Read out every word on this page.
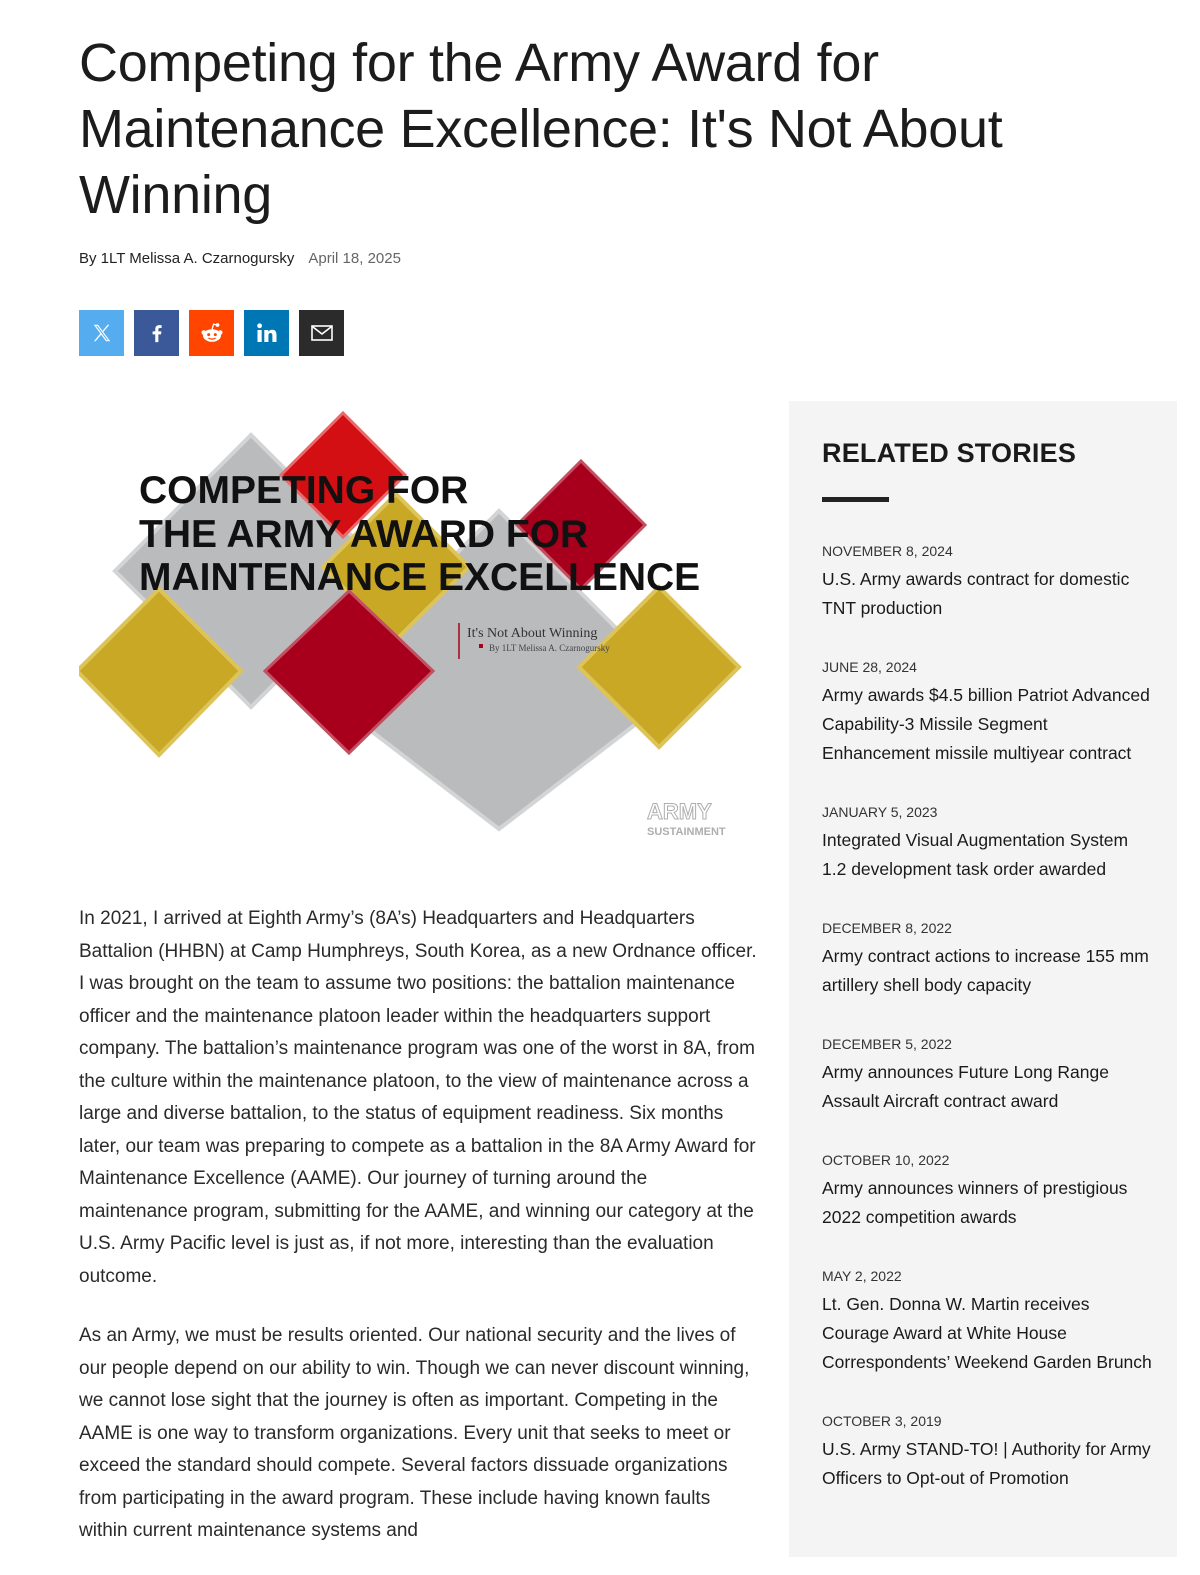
Competing for the Army Award for Maintenance Excellence: It's Not About Winning
By 1LT Melissa A. Czarnogursky April 18, 2025
COMPETING FOR
THE ARMY AWARD FOR
MAINTENANCE EXCELLENCE
It's Not About Winning
By 1LT Melissa A. Czarnogursky
ARMY
SUSTAINMENT

In 2021, I arrived at Eighth Army’s (8A’s) Headquarters and Headquarters Battalion (HHBN) at Camp Humphreys, South Korea, as a new Ordnance officer. I was brought on the team to assume two positions: the battalion maintenance officer and the maintenance platoon leader within the headquarters support company. The battalion’s maintenance program was one of the worst in 8A, from the culture within the maintenance platoon, to the view of maintenance across a large and diverse battalion, to the status of equipment readiness. Six months later, our team was preparing to compete as a battalion in the 8A Army Award for Maintenance Excellence (AAME). Our journey of turning around the maintenance program, submitting for the AAME, and winning our category at the U.S. Army Pacific level is just as, if not more, interesting than the evaluation outcome.

As an Army, we must be results oriented. Our national security and the lives of our people depend on our ability to win. Though we can never discount winning, we cannot lose sight that the journey is often as important. Competing in the AAME is one way to transform organizations. Every unit that seeks to meet or exceed the standard should compete. Several factors dissuade organizations from participating in the award program. These include having known faults within current maintenance systems and

RELATED STORIES
NOVEMBER 8, 2024
U.S. Army awards contract for domestic TNT production
JUNE 28, 2024
Army awards $4.5 billion Patriot Advanced Capability-3 Missile Segment Enhancement missile multiyear contract
JANUARY 5, 2023
Integrated Visual Augmentation System 1.2 development task order awarded
DECEMBER 8, 2022
Army contract actions to increase 155 mm artillery shell body capacity
DECEMBER 5, 2022
Army announces Future Long Range Assault Aircraft contract award
OCTOBER 10, 2022
Army announces winners of prestigious 2022 competition awards
MAY 2, 2022
Lt. Gen. Donna W. Martin receives Courage Award at White House Correspondents’ Weekend Garden Brunch
OCTOBER 3, 2019
U.S. Army STAND-TO! | Authority for Army Officers to Opt-out of Promotion
